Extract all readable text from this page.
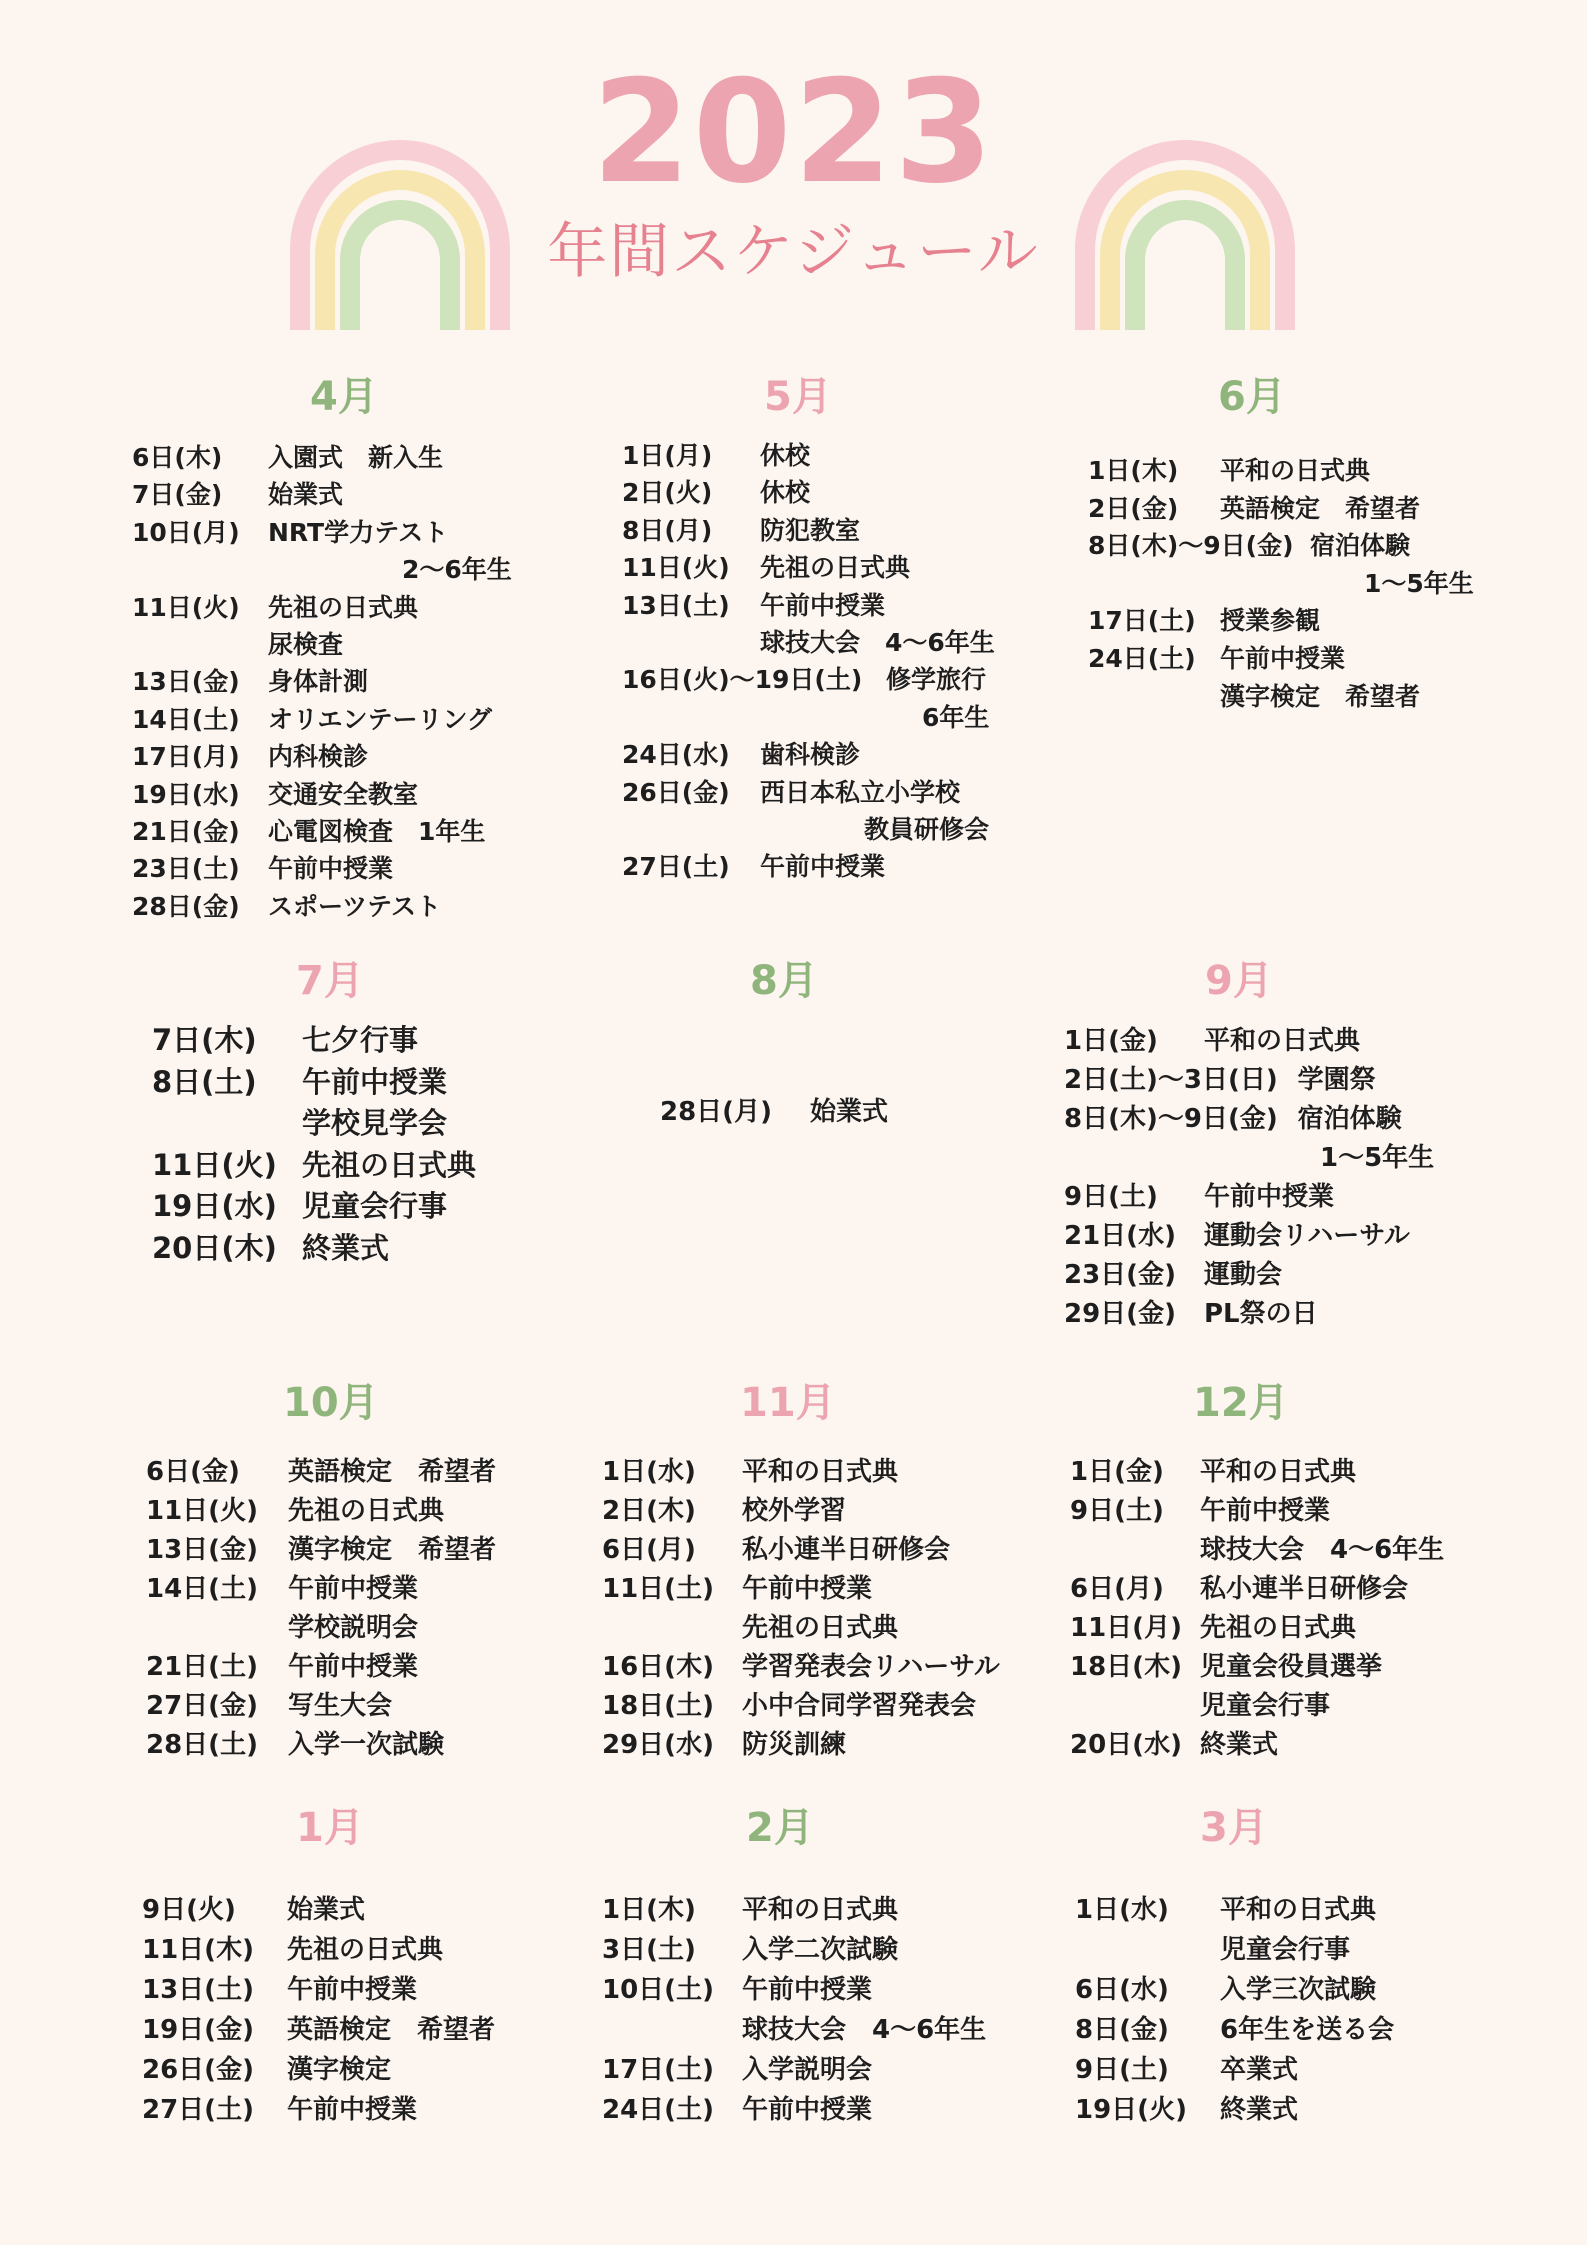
2023
年間スケジュール
4月
6日(木) 入園式　新入生
7日(金) 始業式
10日(月) NRT学力テスト
2〜6年生
11日(火) 先祖の日式典
尿検査
13日(金) 身体計測
14日(土) オリエンテーリング
17日(月) 内科検診
19日(水) 交通安全教室
21日(金) 心電図検査　1年生
23日(土) 午前中授業
28日(金) スポーツテスト
5月
1日(月) 休校
2日(火) 休校
8日(月) 防犯教室
11日(火) 先祖の日式典
13日(土) 午前中授業
球技大会　4〜6年生
16日(火)〜19日(土) 修学旅行
6年生
24日(水) 歯科検診
26日(金) 西日本私立小学校
教員研修会
27日(土) 午前中授業
6月
1日(木) 平和の日式典
2日(金) 英語検定　希望者
8日(木)〜9日(金) 宿泊体験
1〜5年生
17日(土) 授業参観
24日(土) 午前中授業
漢字検定　希望者
7月
7日(木) 七夕行事
8日(土) 午前中授業
学校見学会
11日(火) 先祖の日式典
19日(水) 児童会行事
20日(木) 終業式
8月
28日(月) 始業式
9月
1日(金) 平和の日式典
2日(土)〜3日(日) 学園祭
8日(木)〜9日(金) 宿泊体験
1〜5年生
9日(土) 午前中授業
21日(水) 運動会リハーサル
23日(金) 運動会
29日(金) PL祭の日
10月
6日(金) 英語検定　希望者
11日(火) 先祖の日式典
13日(金) 漢字検定　希望者
14日(土) 午前中授業
学校説明会
21日(土) 午前中授業
27日(金) 写生大会
28日(土) 入学一次試験
11月
1日(水) 平和の日式典
2日(木) 校外学習
6日(月) 私小連半日研修会
11日(土) 午前中授業
先祖の日式典
16日(木) 学習発表会リハーサル
18日(土) 小中合同学習発表会
29日(水) 防災訓練
12月
1日(金) 平和の日式典
9日(土) 午前中授業
球技大会　4〜6年生
6日(月) 私小連半日研修会
11日(月) 先祖の日式典
18日(木) 児童会役員選挙
児童会行事
20日(水) 終業式
1月
9日(火) 始業式
11日(木) 先祖の日式典
13日(土) 午前中授業
19日(金) 英語検定　希望者
26日(金) 漢字検定
27日(土) 午前中授業
2月
1日(木) 平和の日式典
3日(土) 入学二次試験
10日(土) 午前中授業
球技大会　4〜6年生
17日(土) 入学説明会
24日(土) 午前中授業
3月
1日(水) 平和の日式典
児童会行事
6日(水) 入学三次試験
8日(金) 6年生を送る会
9日(土) 卒業式
19日(火) 終業式
